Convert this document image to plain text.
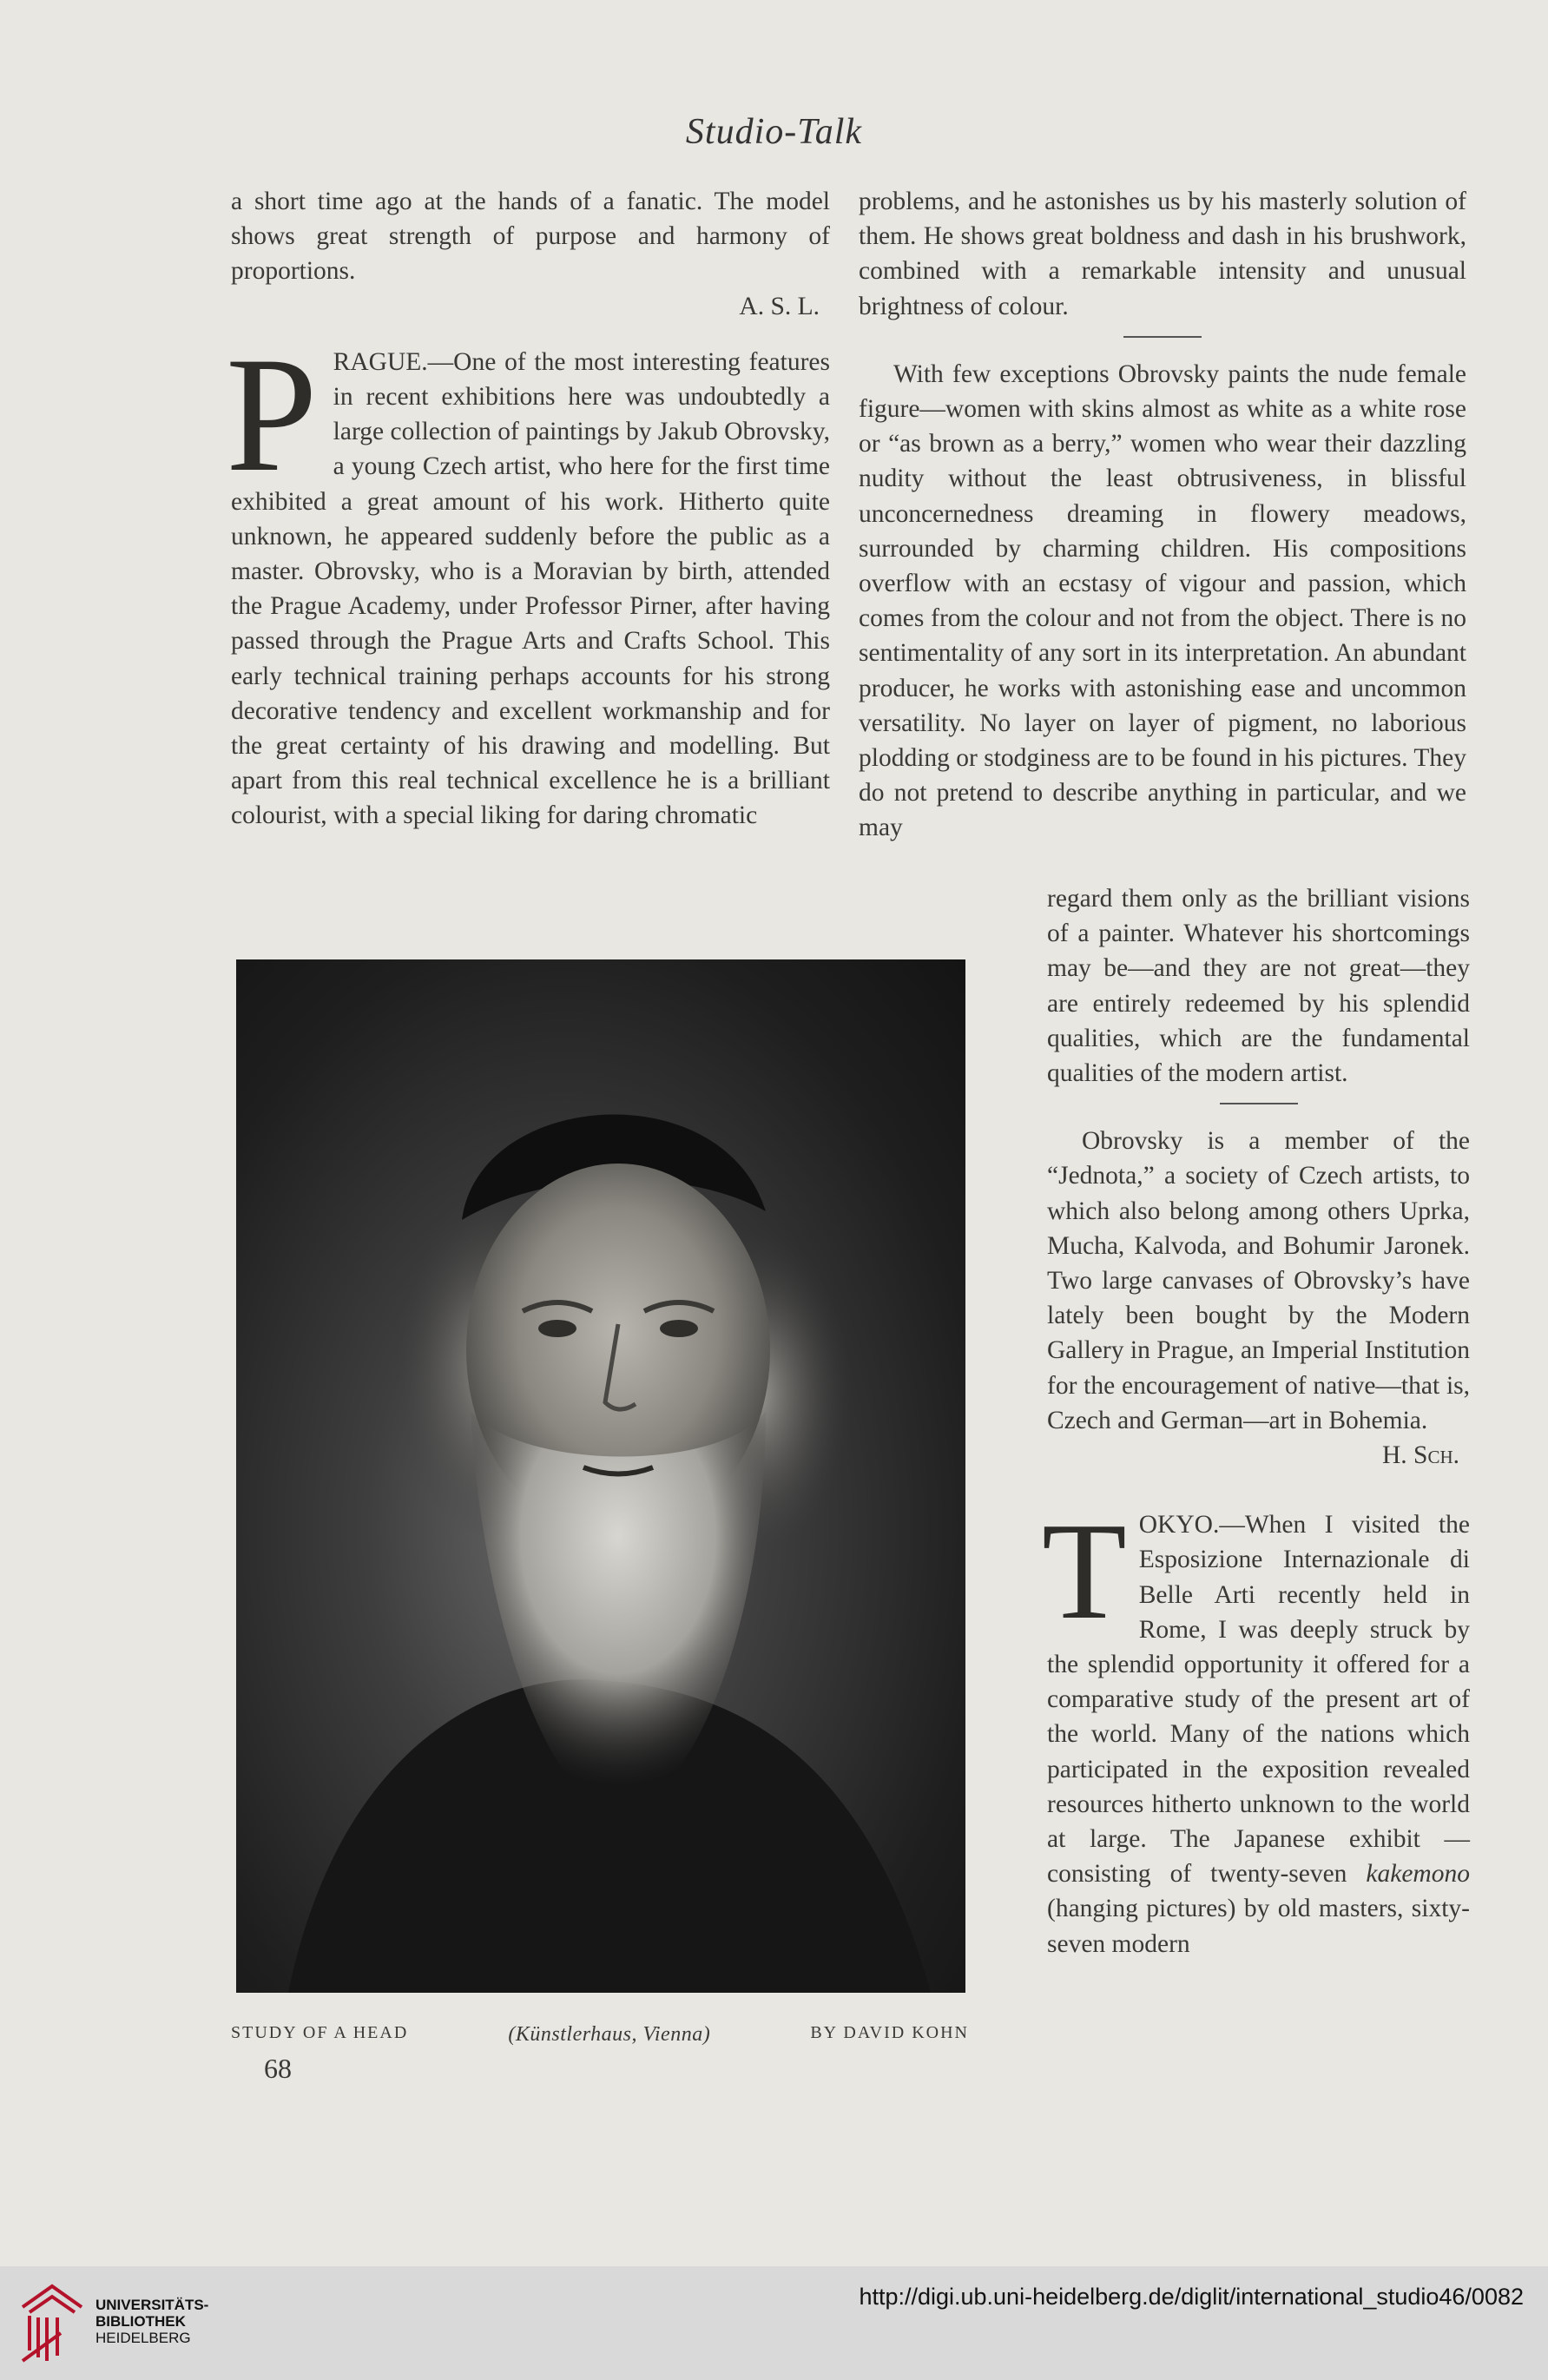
Studio-Talk

a short time ago at the hands of a fanatic. The model shows great strength of purpose and harmony of proportions.

A. S. L.

PRAGUE.—One of the most interesting features in recent exhibitions here was undoubtedly a large collection of paintings by Jakub Obrovsky, a young Czech artist, who here for the first time exhibited a great amount of his work. Hitherto quite unknown, he appeared suddenly before the public as a master. Obrovsky, who is a Moravian by birth, attended the Prague Academy, under Professor Pirner, after having passed through the Prague Arts and Crafts School. This early technical training perhaps accounts for his strong decorative tendency and excellent workmanship and for the great certainty of his drawing and modelling. But apart from this real technical excellence he is a brilliant colourist, with a special liking for daring chromatic

problems, and he astonishes us by his masterly solution of them. He shows great boldness and dash in his brushwork, combined with a remarkable intensity and unusual brightness of colour.

With few exceptions Obrovsky paints the nude female figure—women with skins almost as white as a white rose or “as brown as a berry,” women who wear their dazzling nudity without the least obtrusiveness, in blissful unconcernedness dreaming in flowery meadows, surrounded by charming children. His compositions overflow with an ecstasy of vigour and passion, which comes from the colour and not from the object. There is no sentimentality of any sort in its interpretation. An abundant producer, he works with astonishing ease and uncommon versatility. No layer on layer of pigment, no laborious plodding or stodginess are to be found in his pictures. They do not pretend to describe anything in particular, and we may

regard them only as the brilliant visions of a painter. Whatever his shortcomings may be—and they are not great—they are entirely redeemed by his splendid qualities, which are the fundamental qualities of the modern artist.

Obrovsky is a member of the “Jednota,” a society of Czech artists, to which also belong among others Uprka, Mucha, Kalvoda, and Bohumir Jaronek. Two large canvases of Obrovsky’s have lately been bought by the Modern Gallery in Prague, an Imperial Institution for the encouragement of native—that is, Czech and German—art in Bohemia.

H. Sch.

TOKYO.—When I visited the Esposizione Internazionale di Belle Arti recently held in Rome, I was deeply struck by the splendid opportunity it offered for a comparative study of the present art of the world. Many of the nations which participated in the exposition revealed resources hitherto unknown to the world at large. The Japanese exhibit —consisting of twenty-seven kakemono (hanging pictures) by old masters, sixty-seven modern

STUDY OF A HEAD	(Künstlerhaus, Vienna)	BY DAVID KOHN
68
UNIVERSITÄTS-
BIBLIOTHEK
HEIDELBERG
http://digi.ub.uni-heidelberg.de/diglit/international_studio46/0082
